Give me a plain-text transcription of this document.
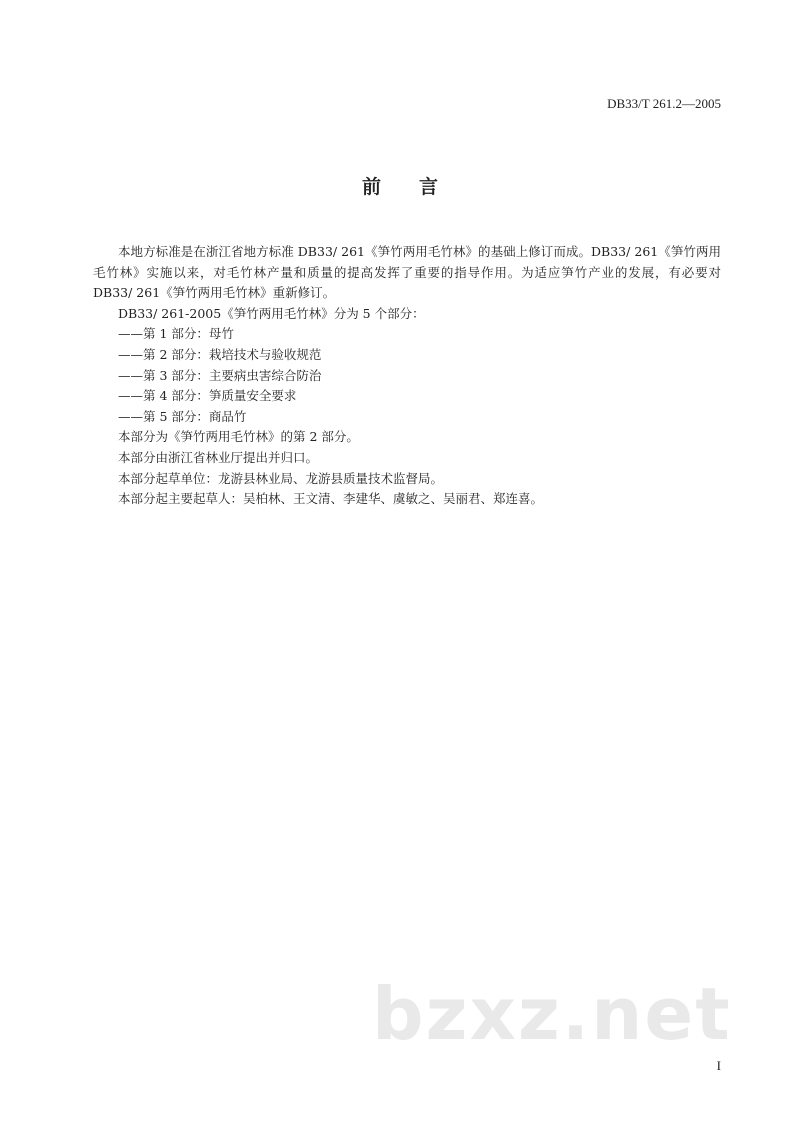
DB33/T 261.2—2005
前言

本地方标准是在浙江省地方标准 DB33/ 261《笋竹两用毛竹林》的基础上修订而成。DB33/ 261《笋竹两用毛竹林》实施以来，对毛竹林产量和质量的提高发挥了重要的指导作用。为适应笋竹产业的发展，有必要对 DB33/ 261《笋竹两用毛竹林》重新修订。

DB33/ 261-2005《笋竹两用毛竹林》分为 5 个部分：

——第 1 部分：母竹

——第 2 部分：栽培技术与验收规范

——第 3 部分：主要病虫害综合防治

——第 4 部分：笋质量安全要求

——第 5 部分：商品竹

本部分为《笋竹两用毛竹林》的第 2 部分。

本部分由浙江省林业厅提出并归口。

本部分起草单位：龙游县林业局、龙游县质量技术监督局。

本部分起主要起草人：吴柏林、王文清、李建华、虞敏之、吴丽君、郑连喜。

bzxz.net
I
